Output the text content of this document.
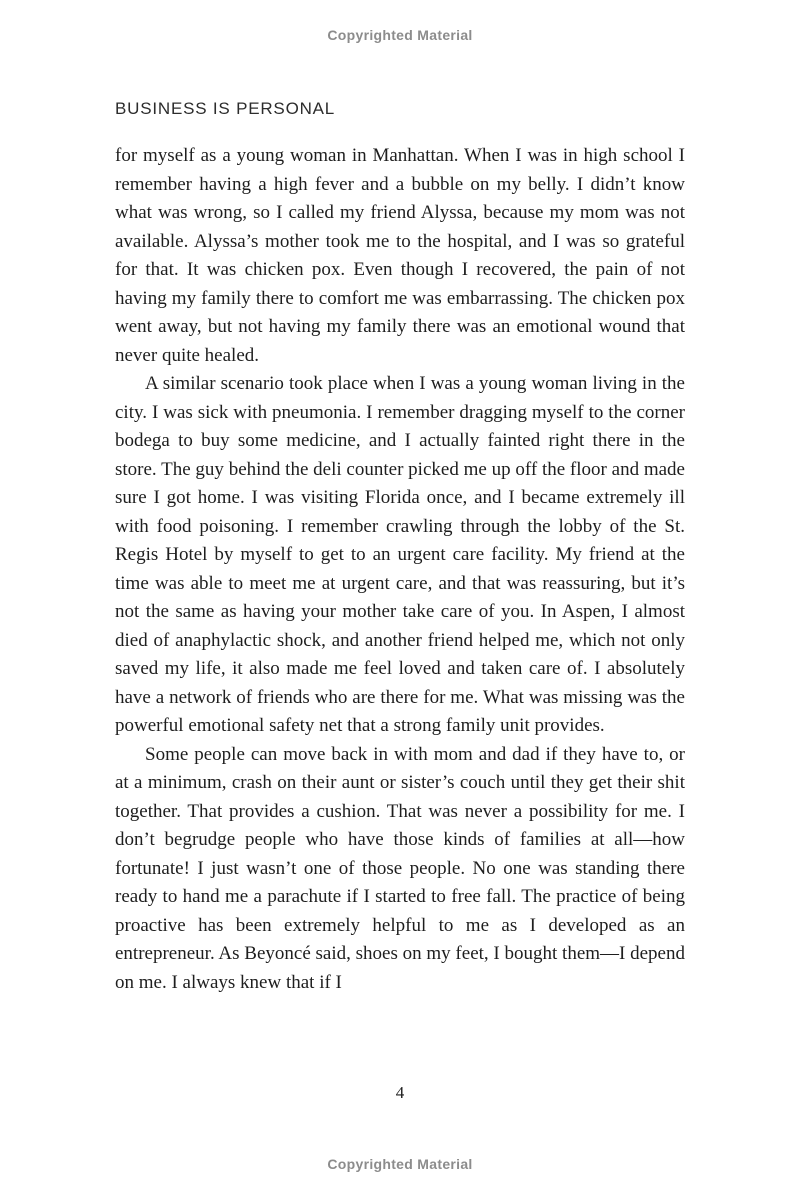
Copyrighted Material
BUSINESS IS PERSONAL

for myself as a young woman in Manhattan. When I was in high school I remember having a high fever and a bubble on my belly. I didn’t know what was wrong, so I called my friend Alyssa, because my mom was not available. Alyssa’s mother took me to the hospital, and I was so grateful for that. It was chicken pox. Even though I recovered, the pain of not having my family there to comfort me was embarrassing. The chicken pox went away, but not having my family there was an emotional wound that never quite healed.

A similar scenario took place when I was a young woman living in the city. I was sick with pneumonia. I remember dragging myself to the corner bodega to buy some medicine, and I actually fainted right there in the store. The guy behind the deli counter picked me up off the floor and made sure I got home. I was visiting Florida once, and I became extremely ill with food poisoning. I remember crawling through the lobby of the St. Regis Hotel by myself to get to an urgent care facility. My friend at the time was able to meet me at urgent care, and that was reassuring, but it’s not the same as having your mother take care of you. In Aspen, I almost died of anaphylactic shock, and another friend helped me, which not only saved my life, it also made me feel loved and taken care of. I absolutely have a network of friends who are there for me. What was missing was the powerful emotional safety net that a strong family unit provides.

Some people can move back in with mom and dad if they have to, or at a minimum, crash on their aunt or sister’s couch until they get their shit together. That provides a cushion. That was never a possibility for me. I don’t begrudge people who have those kinds of families at all—how fortunate! I just wasn’t one of those people. No one was standing there ready to hand me a parachute if I started to free fall. The practice of being proactive has been extremely helpful to me as I developed as an entrepreneur. As Beyoncé said, shoes on my feet, I bought them—I depend on me. I always knew that if I

4
Copyrighted Material
